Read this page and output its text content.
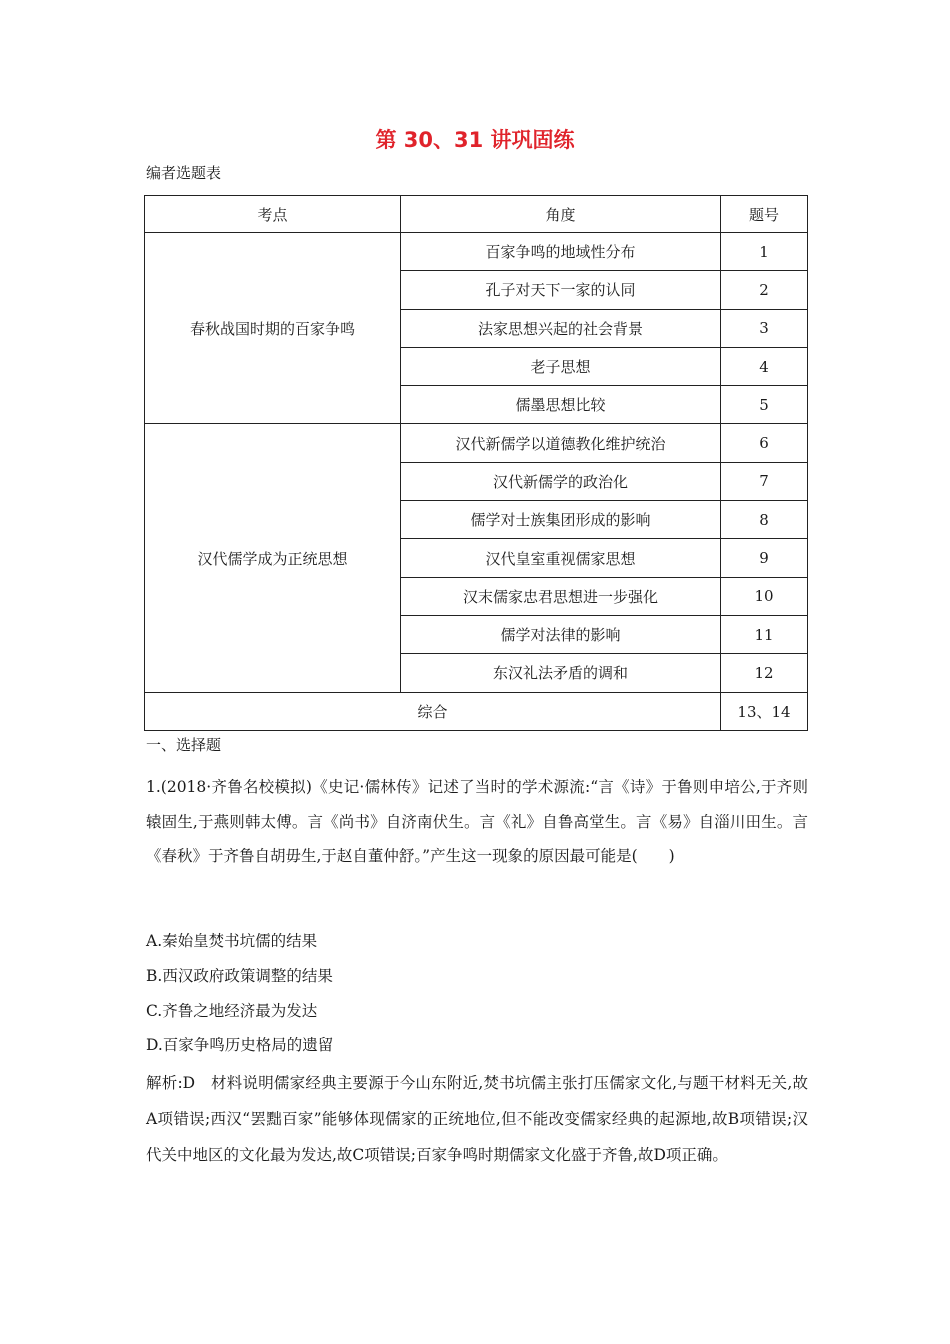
第 30、31 讲巩固练
编者选题表
考点	角度	题号
春秋战国时期的百家争鸣	百家争鸣的地域性分布	1
	孔子对天下一家的认同	2
	法家思想兴起的社会背景	3
	老子思想	4
	儒墨思想比较	5
汉代儒学成为正统思想	汉代新儒学以道德教化维护统治	6
	汉代新儒学的政治化	7
	儒学对士族集团形成的影响	8
	汉代皇室重视儒家思想	9
	汉末儒家忠君思想进一步强化	10
	儒学对法律的影响	11
	东汉礼法矛盾的调和	12
综合		13、14
一、选择题
1.(2018·齐鲁名校模拟)《史记·儒林传》记述了当时的学术源流:“言《诗》于鲁则申培公,于齐则辕固生,于燕则韩太傅。言《尚书》自济南伏生。言《礼》自鲁高堂生。言《易》自淄川田生。言《春秋》于齐鲁自胡毋生,于赵自董仲舒。”产生这一现象的原因最可能是(　　)
A.秦始皇焚书坑儒的结果
B.西汉政府政策调整的结果
C.齐鲁之地经济最为发达
D.百家争鸣历史格局的遗留
解析:D　材料说明儒家经典主要源于今山东附近,焚书坑儒主张打压儒家文化,与题干材料无关,故A项错误;西汉“罢黜百家”能够体现儒家的正统地位,但不能改变儒家经典的起源地,故B项错误;汉代关中地区的文化最为发达,故C项错误;百家争鸣时期儒家文化盛于齐鲁,故D项正确。
